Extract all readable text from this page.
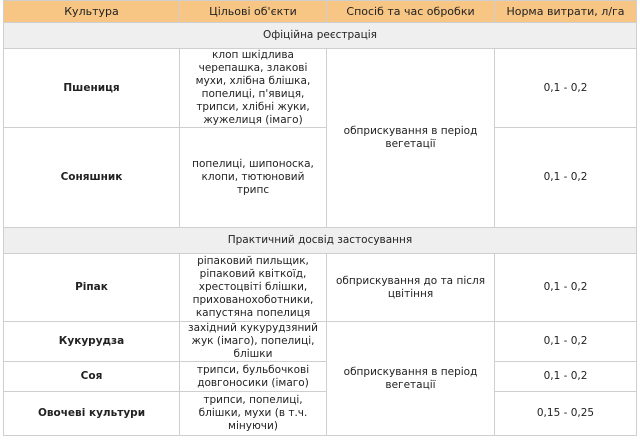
Культура	Цільові об'єкти	Спосіб та час обробки	Норма витрати, л/га
Офіційна реєстрація			
Пшениця	клоп шкідлива черепашка, злакові мухи, хлібна блішка, попелиці, п'явиця, трипси, хлібні жуки, жужелиця (імаго)	обприскування в період вегетації	0,1 - 0,2
Соняшник	попелиці, шипоноска, клопи, тютюновий трипс		0,1 - 0,2
Практичний досвід застосування			
Ріпак	ріпаковий пильщик, ріпаковий квіткоїд, хрестоцвіті блішки, прихованохоботники, капустяна попелиця	обприскування до та після цвітіння	0,1 - 0,2
Кукурудза	західний кукурудзяний жук (імаго), попелиці, блішки	обприскування в період вегетації	0,1 - 0,2
Соя	трипси, бульбочкові довгоносики (імаго)		0,1 - 0,2
Овочеві культури	трипси, попелиці, блішки, мухи (в т.ч. мінуючи)		0,15 - 0,25
